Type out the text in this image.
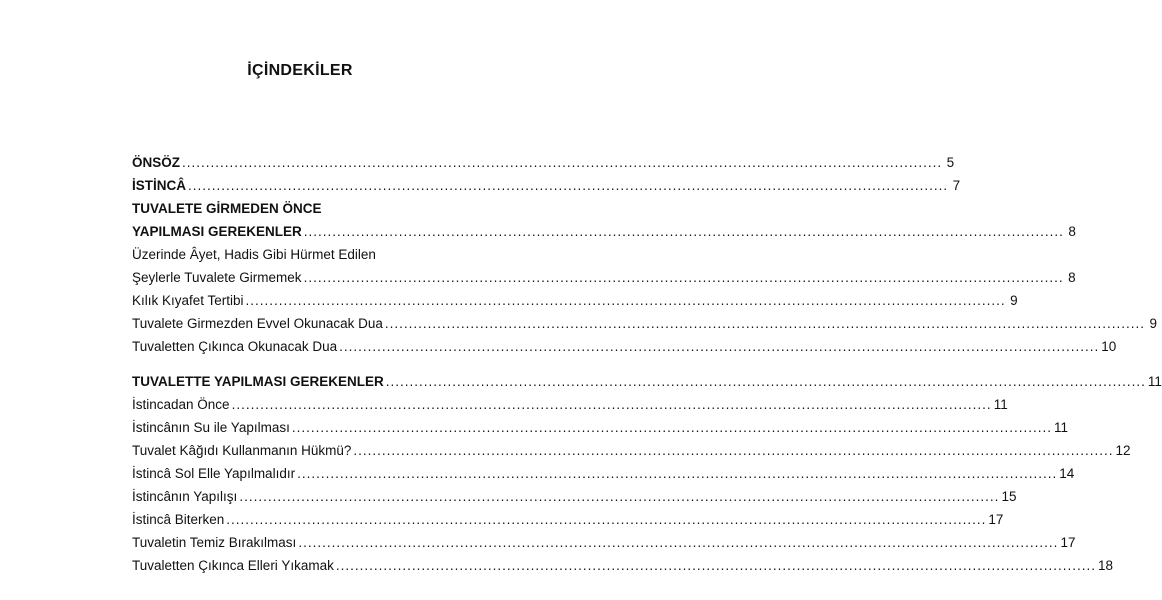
İÇİNDEKİLER
ÖNSÖZ ................................................................................................................................................................ 5
İSTİNCÂ ................................................................................................................................................................ 7
TUVALETE GİRMEDEN ÖNCE
YAPILMASI GEREKENLER ................................................................................................................................................................ 8
Üzerinde Âyet, Hadis Gibi Hürmet Edilen
Şeylerle Tuvalete Girmemek ................................................................................................................................................................ 8
Kılık Kıyafet Tertibi ................................................................................................................................................................ 9
Tuvalete Girmezden Evvel Okunacak Dua ................................................................................................................................................................ 9
Tuvaletten Çıkınca Okunacak Dua ................................................................................................................................................................ 10
TUVALETTE YAPILMASI GEREKENLER ................................................................................................................................................................ 11
İstincadan Önce ................................................................................................................................................................ 11
İstincânın Su ile Yapılması ................................................................................................................................................................ 11
Tuvalet Kâğıdı Kullanmanın Hükmü? ................................................................................................................................................................ 12
İstincâ Sol Elle Yapılmalıdır ................................................................................................................................................................ 14
İstincânın Yapılışı ................................................................................................................................................................ 15
İstincâ Biterken ................................................................................................................................................................ 17
Tuvaletin Temiz Bırakılması ................................................................................................................................................................ 17
Tuvaletten Çıkınca Elleri Yıkamak ................................................................................................................................................................ 18
